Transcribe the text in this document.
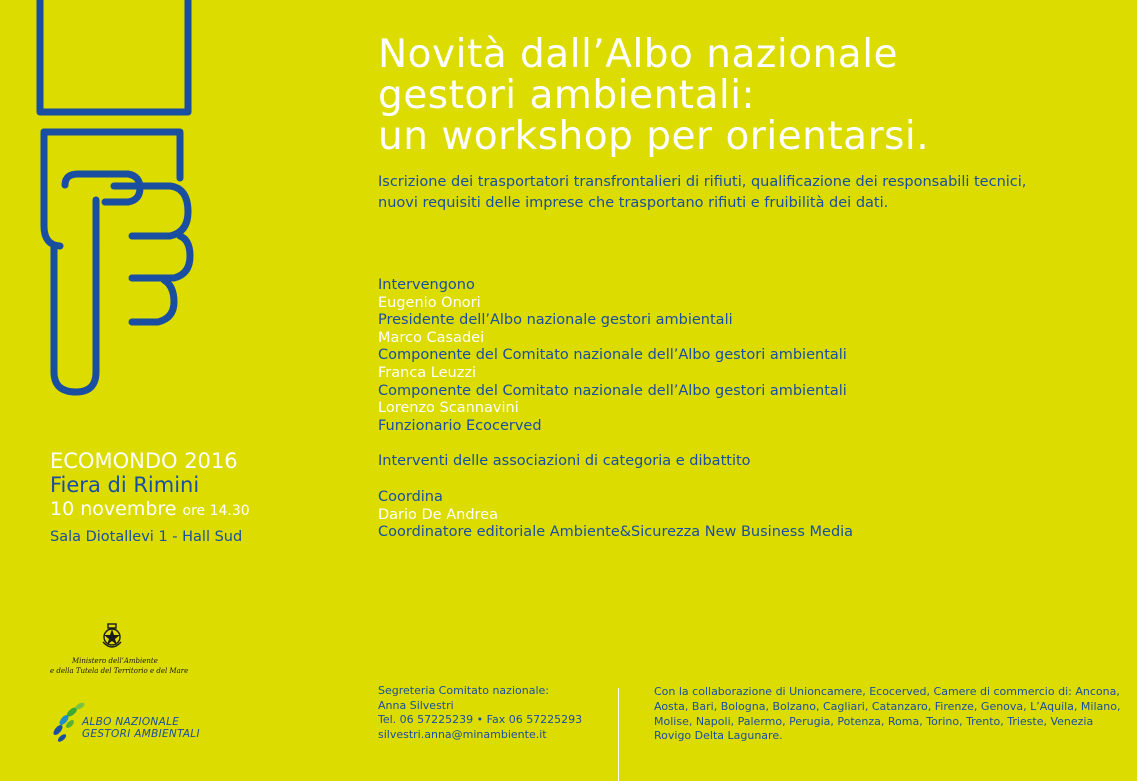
Novità dall’Albo nazionale
gestori ambientali:
un workshop per orientarsi.
Iscrizione dei trasportatori transfrontalieri di rifiuti, qualificazione dei responsabili tecnici,
nuovi requisiti delle imprese che trasportano rifiuti e fruibilità dei dati.
Intervengono
Eugenio Onori
Presidente dell’Albo nazionale gestori ambientali
Marco Casadei
Componente del Comitato nazionale dell’Albo gestori ambientali
Franca Leuzzi
Componente del Comitato nazionale dell’Albo gestori ambientali
Lorenzo Scannavini
Funzionario Ecocerved
Interventi delle associazioni di categoria e dibattito
Coordina
Dario De Andrea
Coordinatore editoriale Ambiente&Sicurezza New Business Media
ECOMONDO 2016
Fiera di Rimini
10 novembre ore 14.30
Sala Diotallevi 1 - Hall Sud
Ministero dell’Ambiente
e della Tutela del Territorio e del Mare
ALBO NAZIONALE
GESTORI AMBIENTALI
Segreteria Comitato nazionale:
Anna Silvestri
Tel. 06 57225239 • Fax 06 57225293
silvestri.anna@minambiente.it
Con la collaborazione di Unioncamere, Ecocerved, Camere di commercio di: Ancona, Aosta, Bari, Bologna, Bolzano, Cagliari, Catanzaro, Firenze, Genova, L’Aquila, Milano, Molise, Napoli, Palermo, Perugia, Potenza, Roma, Torino, Trento, Trieste, Venezia Rovigo Delta Lagunare.
